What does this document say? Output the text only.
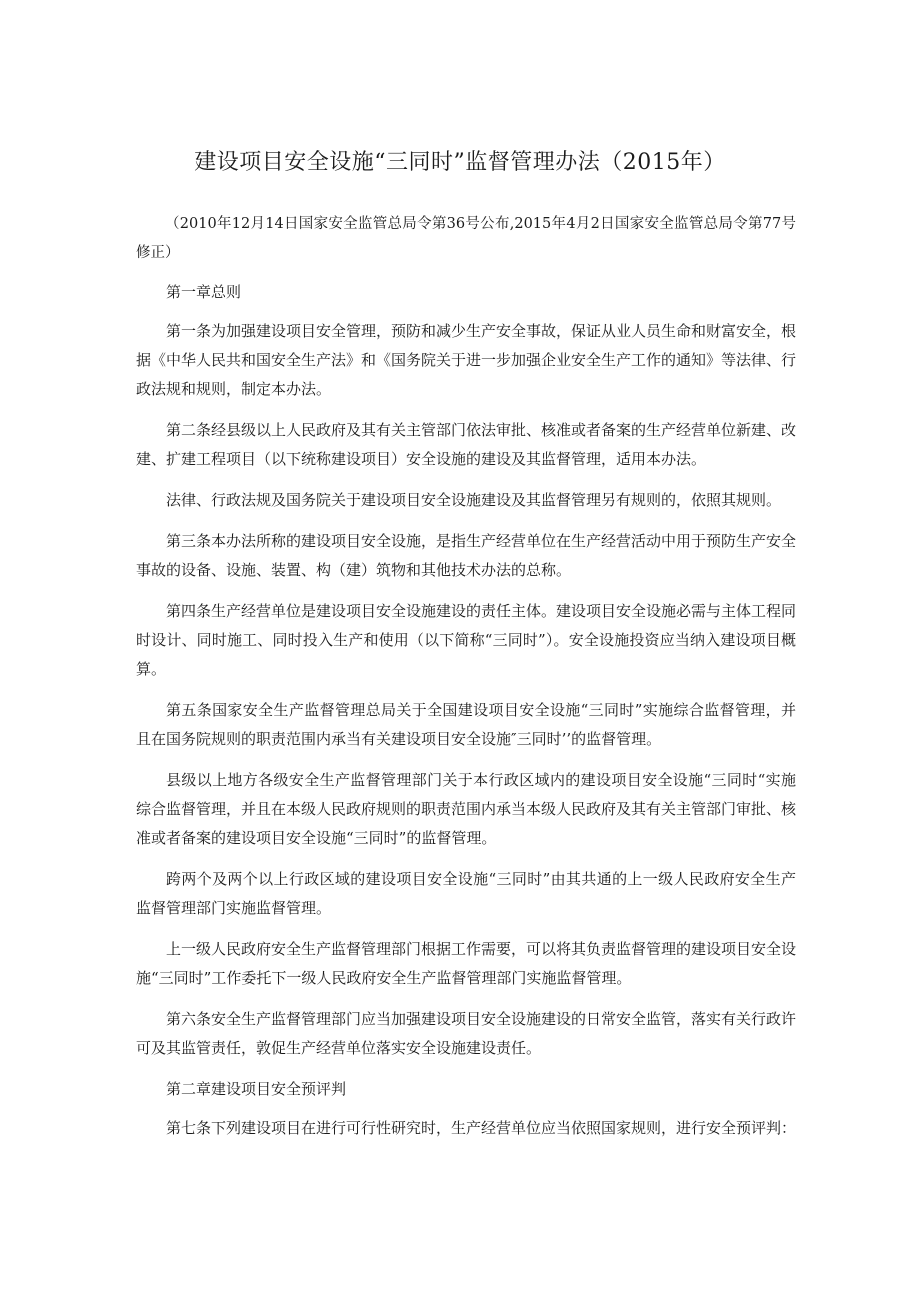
建设项目安全设施“三同时”监督管理办法（2015年）

（2010年12月14日国家安全监管总局令第36号公布,2015年4月2日国家安全监管总局令第77号修正）

第一章总则

第一条为加强建设项目安全管理，预防和减少生产安全事故，保证从业人员生命和财富安全，根据《中华人民共和国安全生产法》和《国务院关于进一步加强企业安全生产工作的通知》等法律、行政法规和规则，制定本办法。

第二条经县级以上人民政府及其有关主管部门依法审批、核准或者备案的生产经营单位新建、改建、扩建工程项目（以下统称建设项目）安全设施的建设及其监督管理，适用本办法。

法律、行政法规及国务院关于建设项目安全设施建设及其监督管理另有规则的，依照其规则。

第三条本办法所称的建设项目安全设施，是指生产经营单位在生产经营活动中用于预防生产安全事故的设备、设施、装置、构（建）筑物和其他技术办法的总称。

第四条生产经营单位是建设项目安全设施建设的责任主体。建设项目安全设施必需与主体工程同时设计、同时施工、同时投入生产和使用（以下简称“三同时”）。安全设施投资应当纳入建设项目概算。

第五条国家安全生产监督管理总局关于全国建设项目安全设施“三同时”实施综合监督管理，并且在国务院规则的职责范围内承当有关建设项目安全设施″三同时’’的监督管理。

县级以上地方各级安全生产监督管理部门关于本行政区域内的建设项目安全设施“三同时“实施综合监督管理，并且在本级人民政府规则的职责范围内承当本级人民政府及其有关主管部门审批、核准或者备案的建设项目安全设施“三同时”的监督管理。

跨两个及两个以上行政区域的建设项目安全设施“三同时”由其共通的上一级人民政府安全生产监督管理部门实施监督管理。

上一级人民政府安全生产监督管理部门根据工作需要，可以将其负责监督管理的建设项目安全设施“三同时”工作委托下一级人民政府安全生产监督管理部门实施监督管理。

第六条安全生产监督管理部门应当加强建设项目安全设施建设的日常安全监管，落实有关行政许可及其监管责任，敦促生产经营单位落实安全设施建设责任。

第二章建设项目安全预评判

第七条下列建设项目在进行可行性研究时，生产经营单位应当依照国家规则，进行安全预评判：
